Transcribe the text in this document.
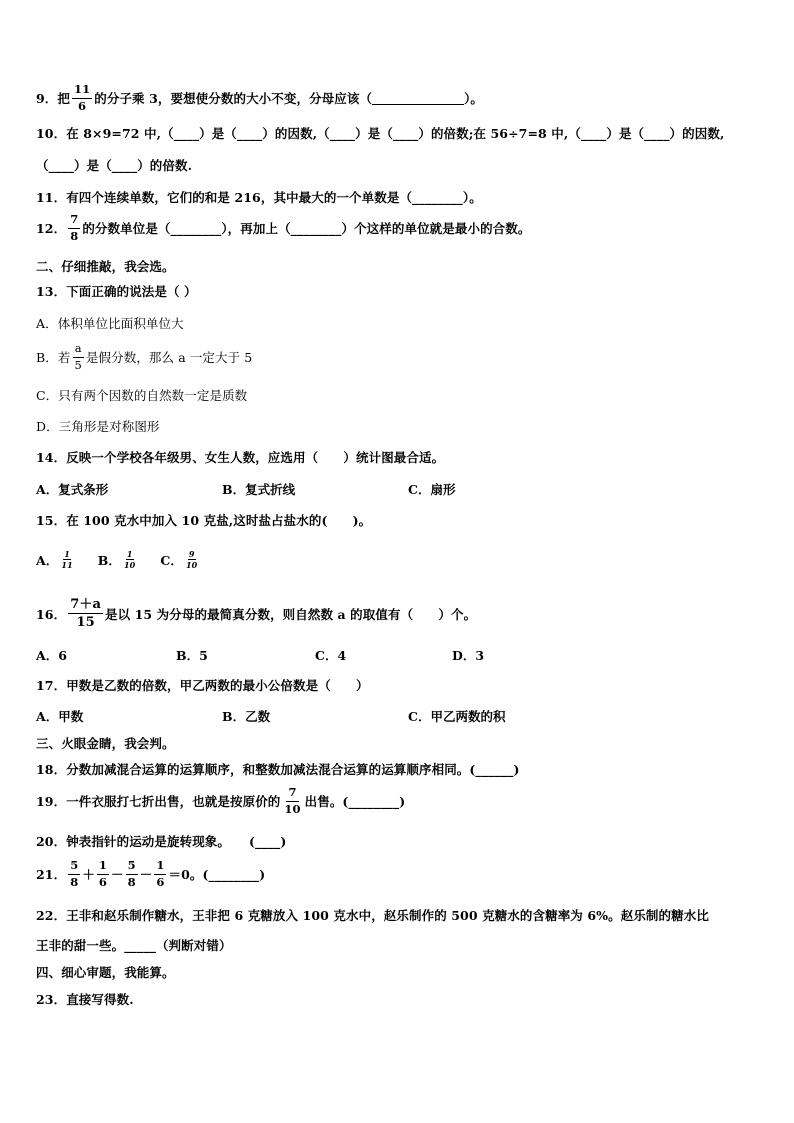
9．把 $\frac{11}{6}$ 的分子乘 3，要想使分数的大小不变，分母应该（	）。
10．在 8×9=72 中,（____）是（____）的因数,（____）是（____）的倍数;在 56÷7=8 中,（____）是（____）的因数,
（____）是（____）的倍数.
11．有四个连续单数，它们的和是 216，其中最大的一个单数是（________）。
12． $\frac{7}{8}$ 的分数单位是（________），再加上（________）个这样的单位就是最小的合数。
二、仔细推敲，我会选。
13．下面正确的说法是（ ）
A．体积单位比面积单位大
B．若 $\frac{a}{5}$ 是假分数，那么 a 一定大于 5
C．只有两个因数的自然数一定是质数
D．三角形是对称图形
14．反映一个学校各年级男、女生人数，应选用（　　）统计图最合适。
A．复式条形	B．复式折线	C．扇形
15．在 100 克水中加入 10 克盐,这时盐占盐水的(　　)。
A． $\frac{1}{11}$ B． $\frac{1}{10}$ C． $\frac{9}{10}$
16． $\frac{7+a}{15}$ 是以 15 为分母的最简真分数，则自然数 a 的取值有（　　）个。
A．6	B．5	C．4	D．3
17．甲数是乙数的倍数，甲乙两数的最小公倍数是（　　）
A．甲数	B．乙数	C．甲乙两数的积
三、火眼金睛，我会判。
18．分数加减混合运算的运算顺序，和整数加减法混合运算的运算顺序相同。(______)
19．一件衣服打七折出售，也就是按原价的 $\frac{7}{10}$ 出售。(________)
20．钟表指针的运动是旋转现象。　　(____)
21． $\frac{5}{8} + \frac{1}{6} - \frac{5}{8} - \frac{1}{6} =0$。(________)
22．王非和赵乐制作糖水，王非把 6 克糖放入 100 克水中，赵乐制作的 500 克糖水的含糖率为 6%。赵乐制的糖水比
王非的甜一些。_____（判断对错）
四、细心审题，我能算。
23．直接写得数.
